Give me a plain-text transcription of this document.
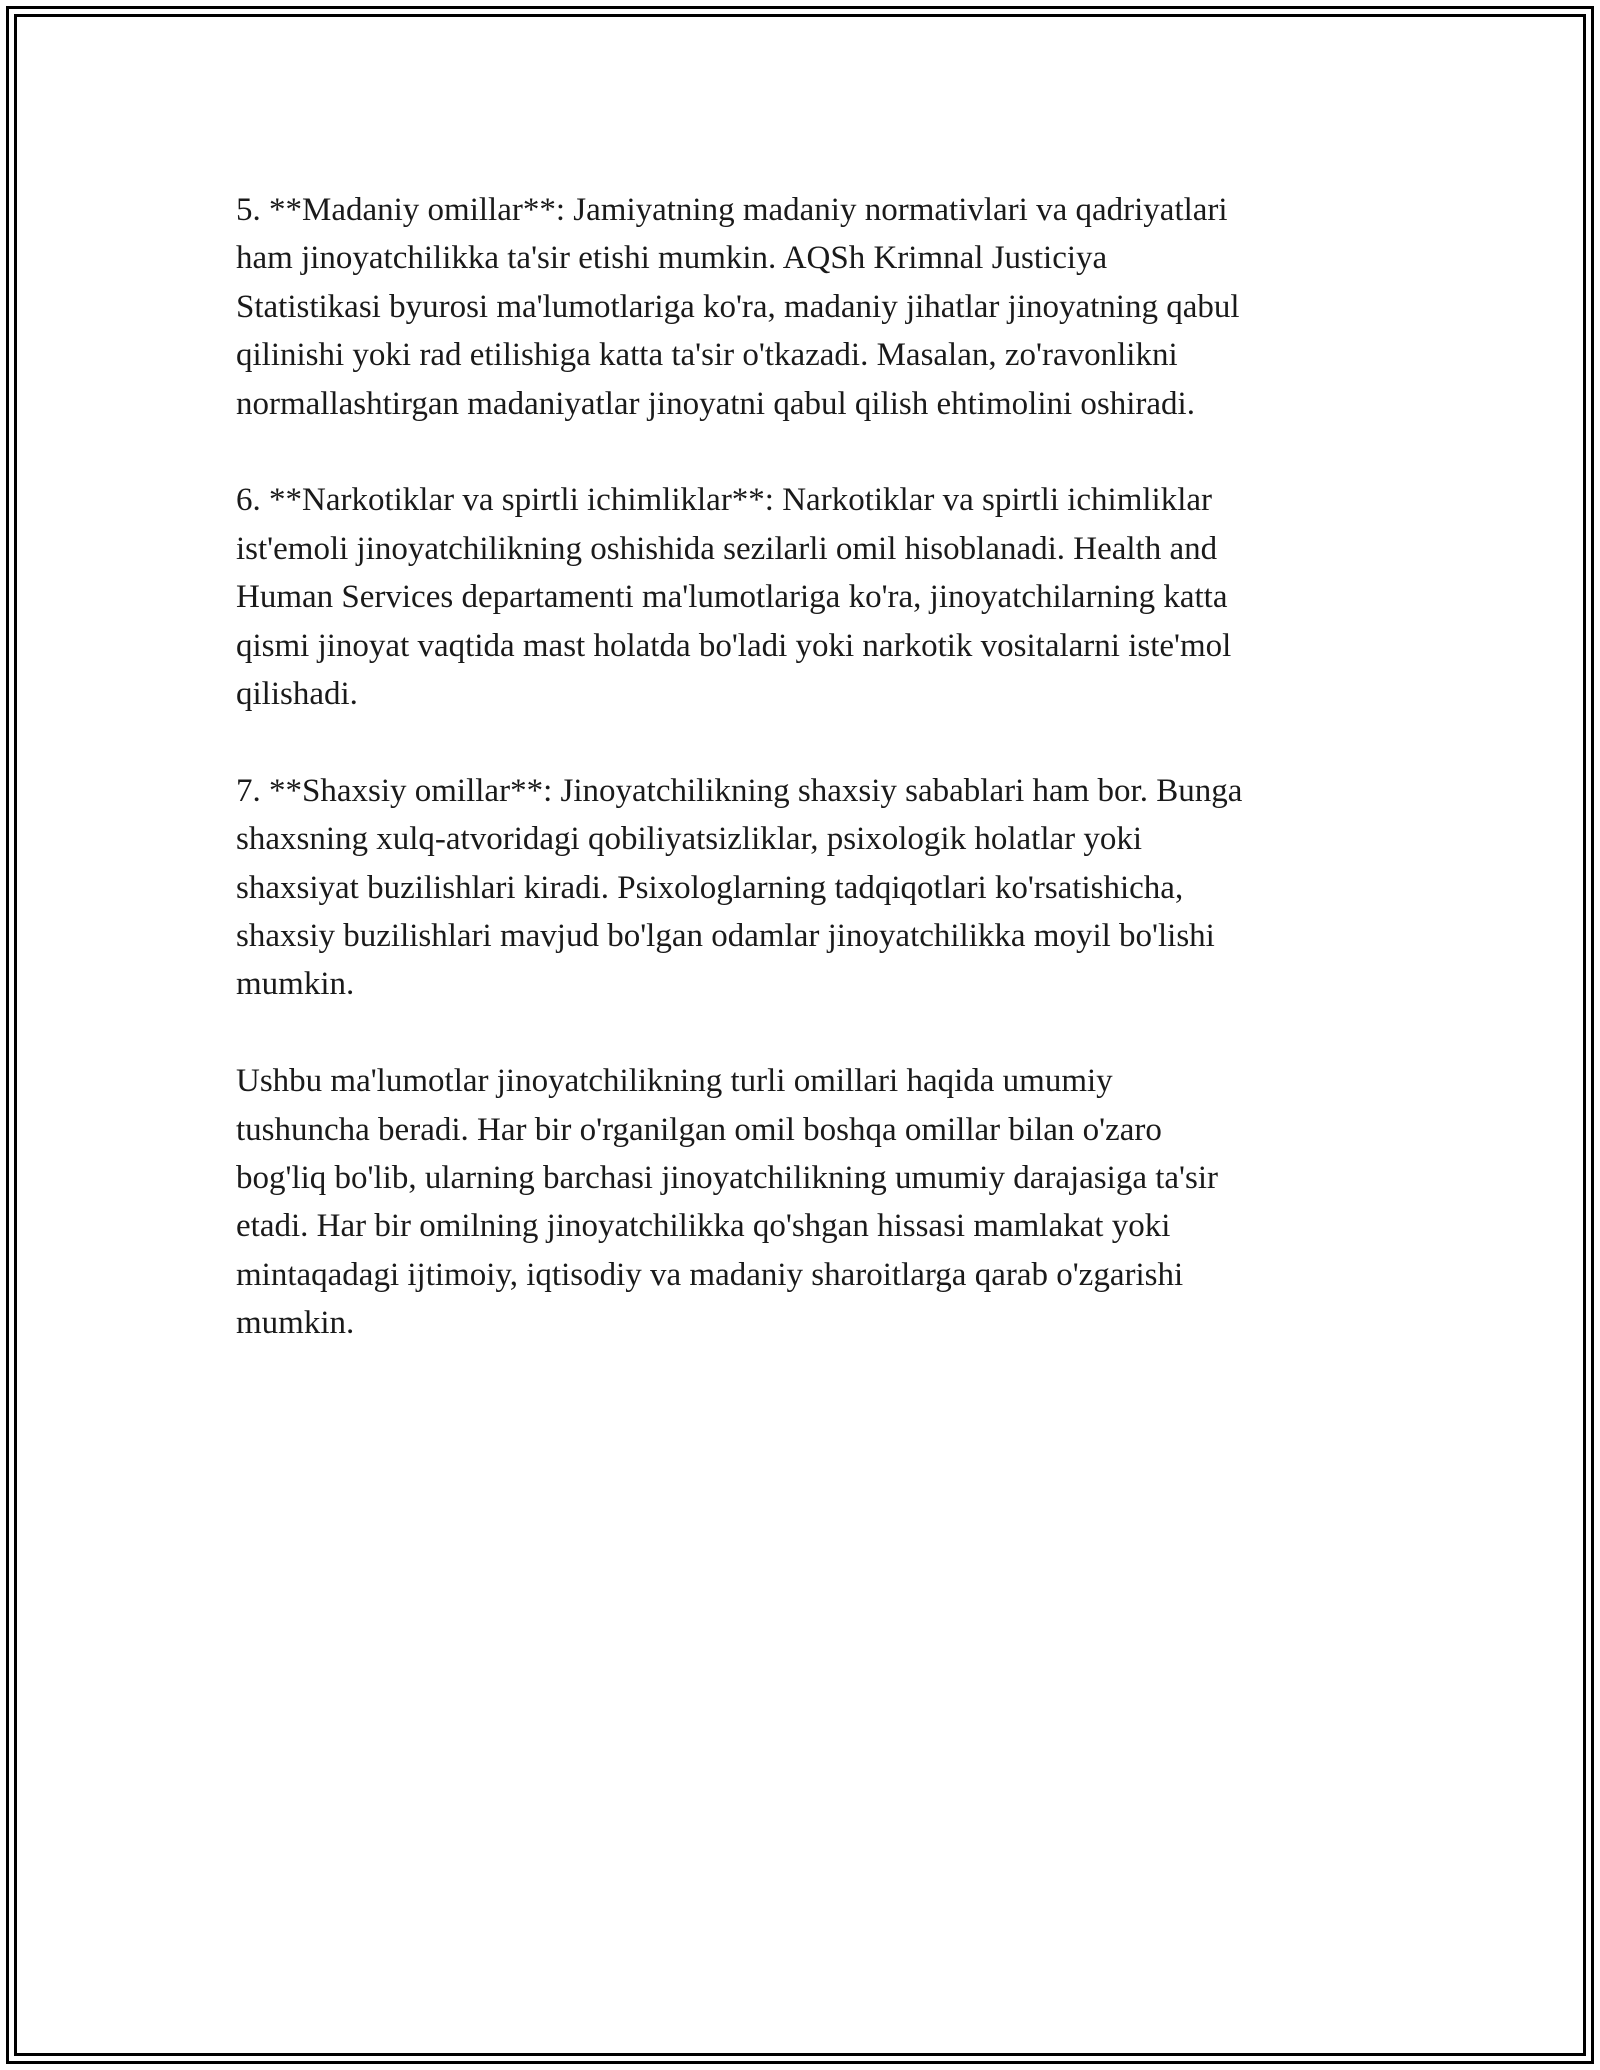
5. **Madaniy omillar**: Jamiyatning madaniy normativlari va qadriyatlari
ham jinoyatchilikka ta'sir etishi mumkin. AQSh Krimnal Justiciya
Statistikasi byurosi ma'lumotlariga ko'ra, madaniy jihatlar jinoyatning qabul
qilinishi yoki rad etilishiga katta ta'sir o'tkazadi. Masalan, zo'ravonlikni
normallashtirgan madaniyatlar jinoyatni qabul qilish ehtimolini oshiradi.

6. **Narkotiklar va spirtli ichimliklar**: Narkotiklar va spirtli ichimliklar
ist'emoli jinoyatchilikning oshishida sezilarli omil hisoblanadi. Health and
Human Services departamenti ma'lumotlariga ko'ra, jinoyatchilarning katta
qismi jinoyat vaqtida mast holatda bo'ladi yoki narkotik vositalarni iste'mol
qilishadi.

7. **Shaxsiy omillar**: Jinoyatchilikning shaxsiy sabablari ham bor. Bunga
shaxsning xulq-atvoridagi qobiliyatsizliklar, psixologik holatlar yoki
shaxsiyat buzilishlari kiradi. Psixologlarning tadqiqotlari ko'rsatishicha,
shaxsiy buzilishlari mavjud bo'lgan odamlar jinoyatchilikka moyil bo'lishi
mumkin.

Ushbu ma'lumotlar jinoyatchilikning turli omillari haqida umumiy
tushuncha beradi. Har bir o'rganilgan omil boshqa omillar bilan o'zaro
bog'liq bo'lib, ularning barchasi jinoyatchilikning umumiy darajasiga ta'sir
etadi. Har bir omilning jinoyatchilikka qo'shgan hissasi mamlakat yoki
mintaqadagi ijtimoiy, iqtisodiy va madaniy sharoitlarga qarab o'zgarishi
mumkin.
